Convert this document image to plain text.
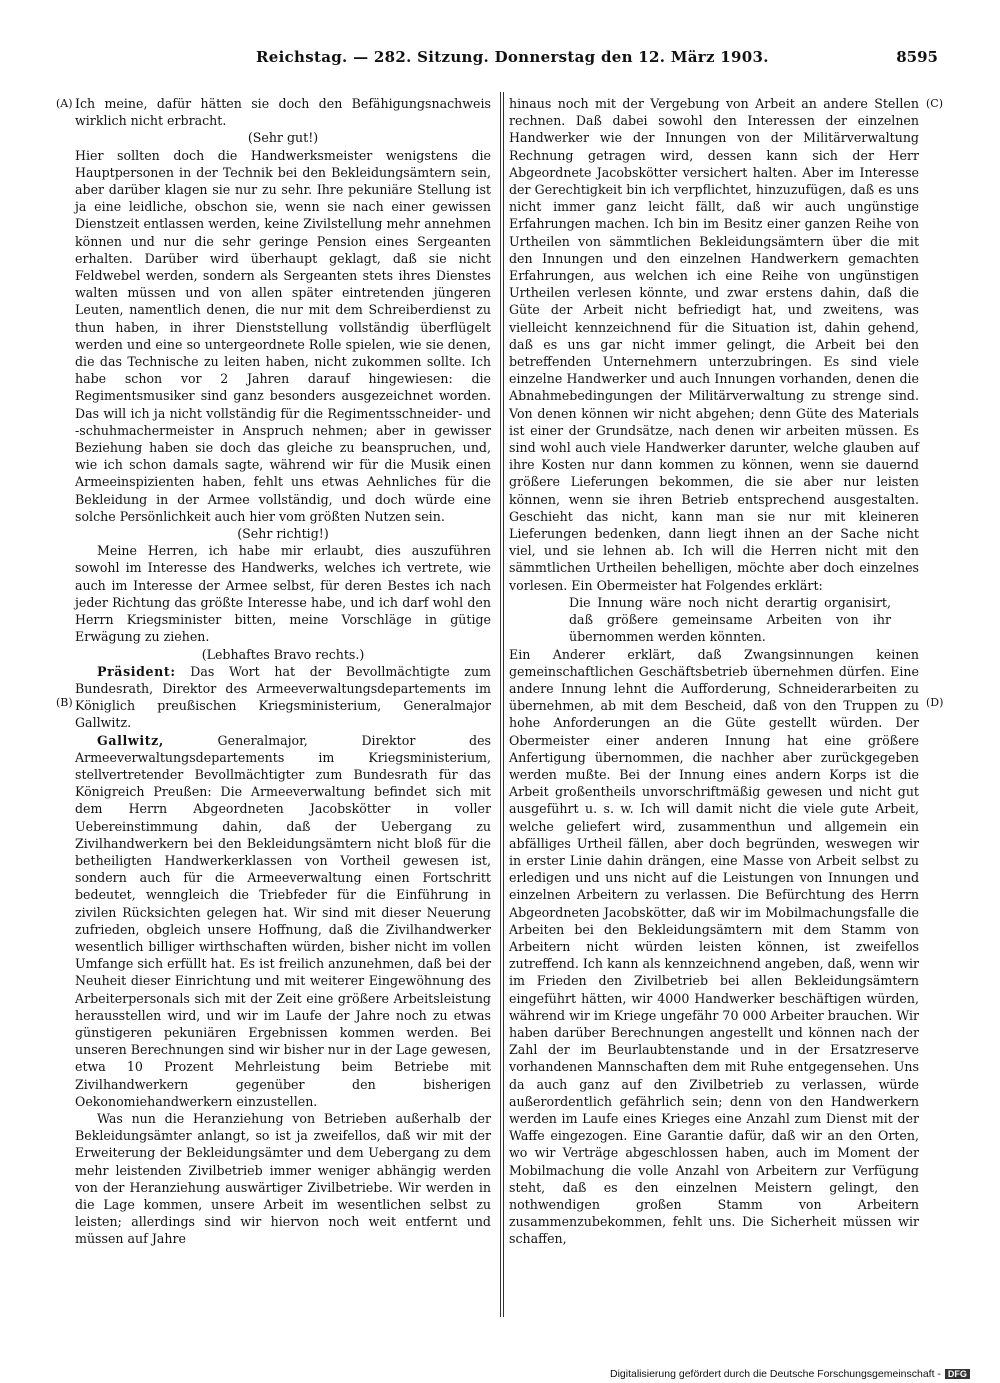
Reichstag. — 282. Sitzung. Donnerstag den 12. März 1903.	8595
(A)
(B)
(C)
(D)

Ich meine, dafür hätten sie doch den Befähigungsnachweis wirklich nicht erbracht.

(Sehr gut!)

Hier sollten doch die Handwerksmeister wenigstens die Hauptpersonen in der Technik bei den Bekleidungsämtern sein, aber darüber klagen sie nur zu sehr. Ihre pekuniäre Stellung ist ja eine leidliche, obschon sie, wenn sie nach einer gewissen Dienstzeit entlassen werden, keine Zivilstellung mehr annehmen können und nur die sehr geringe Pension eines Sergeanten erhalten. Darüber wird überhaupt geklagt, daß sie nicht Feldwebel werden, sondern als Sergeanten stets ihres Dienstes walten müssen und von allen später eintretenden jüngeren Leuten, namentlich denen, die nur mit dem Schreiberdienst zu thun haben, in ihrer Dienststellung vollständig überflügelt werden und eine so untergeordnete Rolle spielen, wie sie denen, die das Technische zu leiten haben, nicht zukommen sollte. Ich habe schon vor 2 Jahren darauf hingewiesen: die Regimentsmusiker sind ganz besonders ausgezeichnet worden. Das will ich ja nicht vollständig für die Regimentsschneider- und -schuhmachermeister in Anspruch nehmen; aber in gewisser Beziehung haben sie doch das gleiche zu beanspruchen, und, wie ich schon damals sagte, während wir für die Musik einen Armeeinspizienten haben, fehlt uns etwas Aehnliches für die Bekleidung in der Armee vollständig, und doch würde eine solche Persönlichkeit auch hier vom größten Nutzen sein.

(Sehr richtig!)

Meine Herren, ich habe mir erlaubt, dies auszuführen sowohl im Interesse des Handwerks, welches ich vertrete, wie auch im Interesse der Armee selbst, für deren Bestes ich nach jeder Richtung das größte Interesse habe, und ich darf wohl den Herrn Kriegsminister bitten, meine Vorschläge in gütige Erwägung zu ziehen.

(Lebhaftes Bravo rechts.)

Präsident: Das Wort hat der Bevollmächtigte zum Bundesrath, Direktor des Armeeverwaltungsdepartements im Königlich preußischen Kriegsministerium, Generalmajor Gallwitz.

Gallwitz, Generalmajor, Direktor des Armeeverwaltungsdepartements im Kriegsministerium, stellvertretender Bevollmächtigter zum Bundesrath für das Königreich Preußen: Die Armeeverwaltung befindet sich mit dem Herrn Abgeordneten Jacobskötter in voller Uebereinstimmung dahin, daß der Uebergang zu Zivilhandwerkern bei den Bekleidungsämtern nicht bloß für die betheiligten Handwerkerklassen von Vortheil gewesen ist, sondern auch für die Armeeverwaltung einen Fortschritt bedeutet, wenngleich die Triebfeder für die Einführung in zivilen Rücksichten gelegen hat. Wir sind mit dieser Neuerung zufrieden, obgleich unsere Hoffnung, daß die Zivilhandwerker wesentlich billiger wirthschaften würden, bisher nicht im vollen Umfange sich erfüllt hat. Es ist freilich anzunehmen, daß bei der Neuheit dieser Einrichtung und mit weiterer Eingewöhnung des Arbeiterpersonals sich mit der Zeit eine größere Arbeitsleistung herausstellen wird, und wir im Laufe der Jahre noch zu etwas günstigeren pekuniären Ergebnissen kommen werden. Bei unseren Berechnungen sind wir bisher nur in der Lage gewesen, etwa 10 Prozent Mehrleistung beim Betriebe mit Zivilhandwerkern gegenüber den bisherigen Oekonomiehandwerkern einzustellen.

Was nun die Heranziehung von Betrieben außerhalb der Bekleidungsämter anlangt, so ist ja zweifellos, daß wir mit der Erweiterung der Bekleidungsämter und dem Uebergang zu dem mehr leistenden Zivilbetrieb immer weniger abhängig werden von der Heranziehung auswärtiger Zivilbetriebe. Wir werden in die Lage kommen, unsere Arbeit im wesentlichen selbst zu leisten; allerdings sind wir hiervon noch weit entfernt und müssen auf Jahre

hinaus noch mit der Vergebung von Arbeit an andere Stellen rechnen. Daß dabei sowohl den Interessen der einzelnen Handwerker wie der Innungen von der Militärverwaltung Rechnung getragen wird, dessen kann sich der Herr Abgeordnete Jacobskötter versichert halten. Aber im Interesse der Gerechtigkeit bin ich verpflichtet, hinzuzufügen, daß es uns nicht immer ganz leicht fällt, daß wir auch ungünstige Erfahrungen machen. Ich bin im Besitz einer ganzen Reihe von Urtheilen von sämmtlichen Bekleidungsämtern über die mit den Innungen und den einzelnen Handwerkern gemachten Erfahrungen, aus welchen ich eine Reihe von ungünstigen Urtheilen verlesen könnte, und zwar erstens dahin, daß die Güte der Arbeit nicht befriedigt hat, und zweitens, was vielleicht kennzeichnend für die Situation ist, dahin gehend, daß es uns gar nicht immer gelingt, die Arbeit bei den betreffenden Unternehmern unterzubringen. Es sind viele einzelne Handwerker und auch Innungen vorhanden, denen die Abnahmebedingungen der Militärverwaltung zu strenge sind. Von denen können wir nicht abgehen; denn Güte des Materials ist einer der Grundsätze, nach denen wir arbeiten müssen. Es sind wohl auch viele Handwerker darunter, welche glauben auf ihre Kosten nur dann kommen zu können, wenn sie dauernd größere Lieferungen bekommen, die sie aber nur leisten können, wenn sie ihren Betrieb entsprechend ausgestalten. Geschieht das nicht, kann man sie nur mit kleineren Lieferungen bedenken, dann liegt ihnen an der Sache nicht viel, und sie lehnen ab. Ich will die Herren nicht mit den sämmtlichen Urtheilen behelligen, möchte aber doch einzelnes vorlesen. Ein Obermeister hat Folgendes erklärt:

Die Innung wäre noch nicht derartig organisirt, daß größere gemeinsame Arbeiten von ihr übernommen werden könnten.

Ein Anderer erklärt, daß Zwangsinnungen keinen gemeinschaftlichen Geschäftsbetrieb übernehmen dürfen. Eine andere Innung lehnt die Aufforderung, Schneiderarbeiten zu übernehmen, ab mit dem Bescheid, daß von den Truppen zu hohe Anforderungen an die Güte gestellt würden. Der Obermeister einer anderen Innung hat eine größere Anfertigung übernommen, die nachher aber zurückgegeben werden mußte. Bei der Innung eines andern Korps ist die Arbeit großentheils unvorschriftmäßig gewesen und nicht gut ausgeführt u. s. w. Ich will damit nicht die viele gute Arbeit, welche geliefert wird, zusammenthun und allgemein ein abfälliges Urtheil fällen, aber doch begründen, weswegen wir in erster Linie dahin drängen, eine Masse von Arbeit selbst zu erledigen und uns nicht auf die Leistungen von Innungen und einzelnen Arbeitern zu verlassen. Die Befürchtung des Herrn Abgeordneten Jacobskötter, daß wir im Mobilmachungsfalle die Arbeiten bei den Bekleidungsämtern mit dem Stamm von Arbeitern nicht würden leisten können, ist zweifellos zutreffend. Ich kann als kennzeichnend angeben, daß, wenn wir im Frieden den Zivilbetrieb bei allen Bekleidungsämtern eingeführt hätten, wir 4000 Handwerker beschäftigen würden, während wir im Kriege ungefähr 70 000 Arbeiter brauchen. Wir haben darüber Berechnungen angestellt und können nach der Zahl der im Beurlaubtenstande und in der Ersatzreserve vorhandenen Mannschaften dem mit Ruhe entgegensehen. Uns da auch ganz auf den Zivilbetrieb zu verlassen, würde außerordentlich gefährlich sein; denn von den Handwerkern werden im Laufe eines Krieges eine Anzahl zum Dienst mit der Waffe eingezogen. Eine Garantie dafür, daß wir an den Orten, wo wir Verträge abgeschlossen haben, auch im Moment der Mobilmachung die volle Anzahl von Arbeitern zur Verfügung steht, daß es den einzelnen Meistern gelingt, den nothwendigen großen Stamm von Arbeitern zusammenzubekommen, fehlt uns. Die Sicherheit müssen wir schaffen,

Digitalisierung gefördert durch die Deutsche Forschungsgemeinschaft - DFG
